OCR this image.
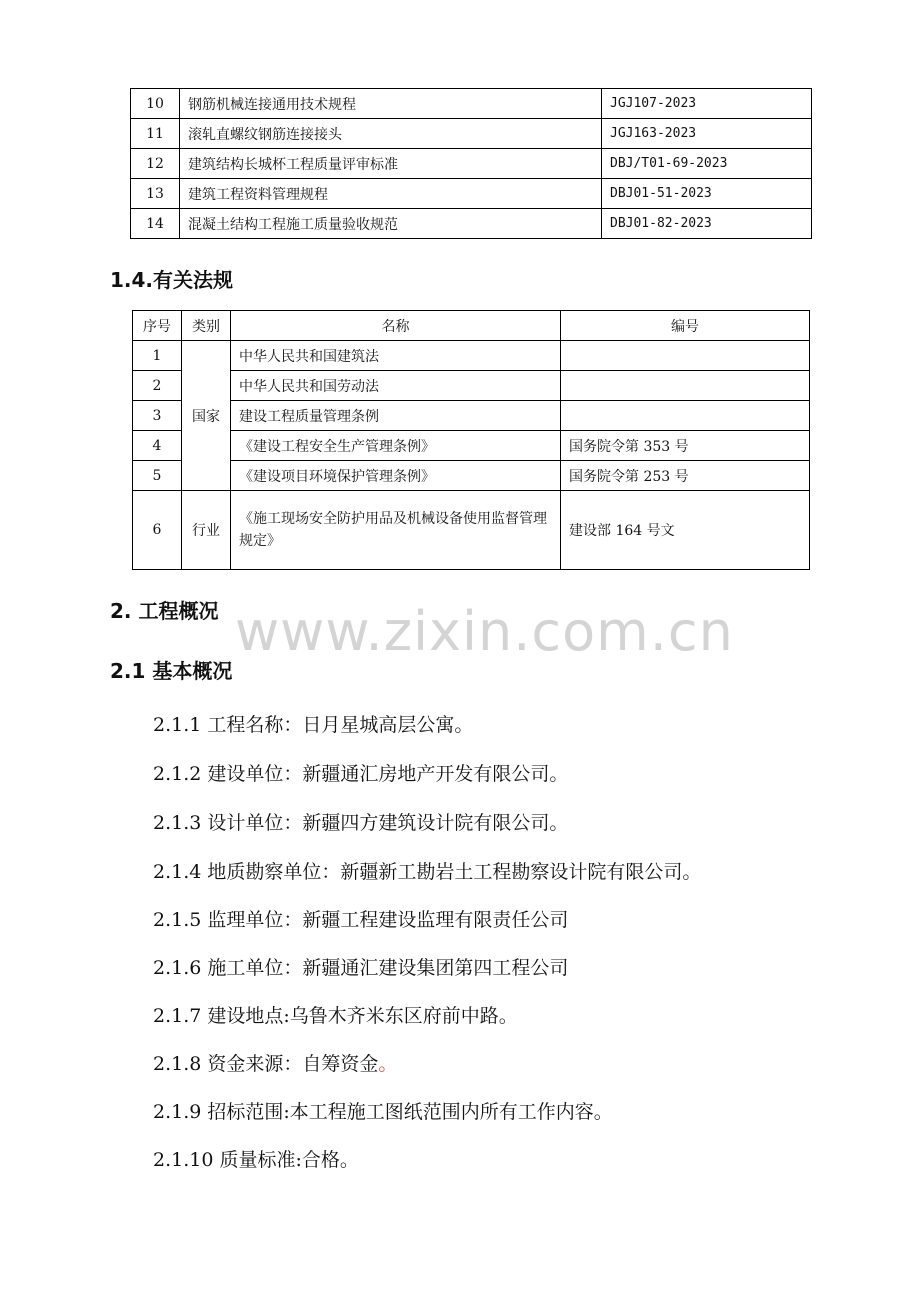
10	钢筋机械连接通用技术规程	JGJ107-2023
11	滚轧直螺纹钢筋连接接头	JGJ163-2023
12	建筑结构长城杯工程质量评审标准	DBJ/T01-69-2023
13	建筑工程资料管理规程	DBJ01-51-2023
14	混凝土结构工程施工质量验收规范	DBJ01-82-2023
1.4.有关法规
序号	类别	名称	编号
1	国家	中华人民共和国建筑法	
2		中华人民共和国劳动法	
3		建设工程质量管理条例	
4		《建设工程安全生产管理条例》	国务院令第 353 号
5		《建设项目环境保护管理条例》	国务院令第 253 号
6	行业	《施工现场安全防护用品及机械设备使用监督管理规定》	建设部 164 号文
www.zixin.com.cn
2. 工程概况
2.1 基本概况
2.1.1 工程名称：日月星城高层公寓。
2.1.2 建设单位：新疆通汇房地产开发有限公司。
2.1.3 设计单位：新疆四方建筑设计院有限公司。
2.1.4 地质勘察单位：新疆新工勘岩土工程勘察设计院有限公司。
2.1.5 监理单位：新疆工程建设监理有限责任公司
2.1.6 施工单位：新疆通汇建设集团第四工程公司
2.1.7 建设地点:乌鲁木齐米东区府前中路。
2.1.8 资金来源：自筹资金。
2.1.9 招标范围:本工程施工图纸范围内所有工作内容。
2.1.10 质量标准:合格。
